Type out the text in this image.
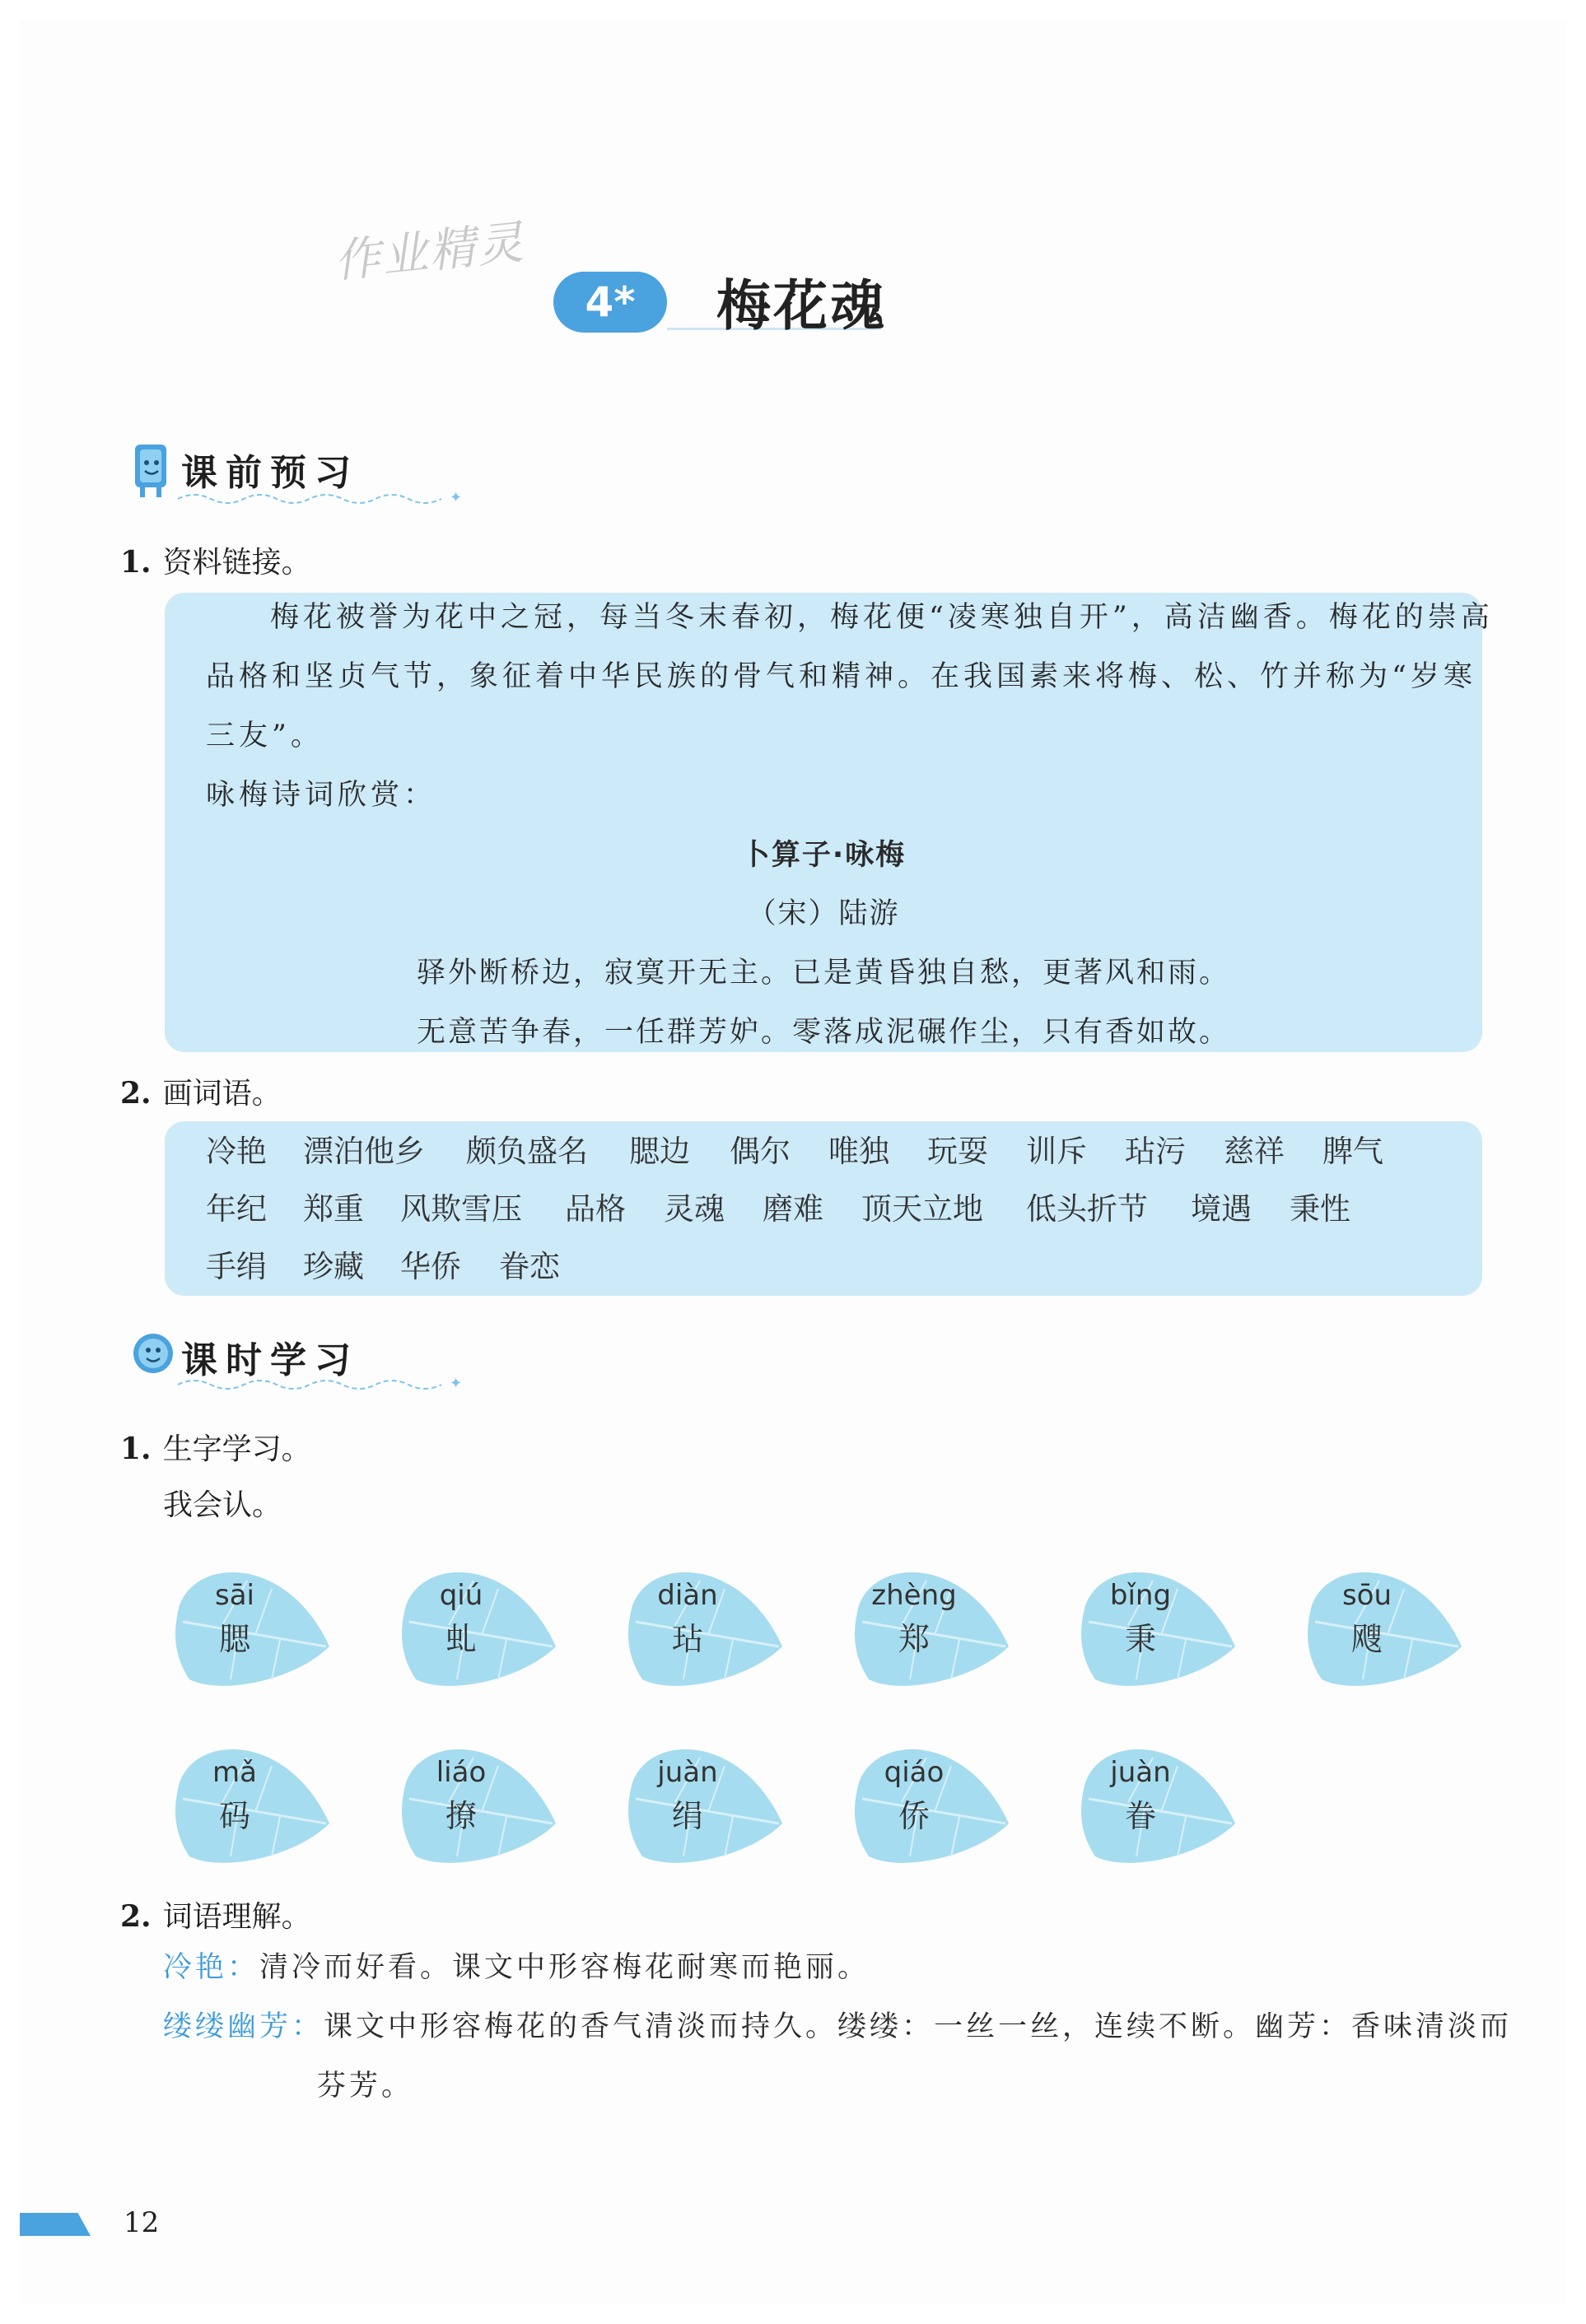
作业精灵
4*	梅花魂
课前预习
✦
1. 资料链接。
梅花被誉为花中之冠，每当冬末春初，梅花便“凌寒独自开”，高洁幽香。梅花的崇高
品格和坚贞气节，象征着中华民族的骨气和精神。在我国素来将梅、松、竹并称为“岁寒
三友”。
咏梅诗词欣赏：
卜算子·咏梅
（宋）陆游
驿外断桥边，寂寞开无主。已是黄昏独自愁，更著风和雨。
无意苦争春，一任群芳妒。零落成泥碾作尘，只有香如故。
2. 画词语。
冷艳 漂泊他乡 颇负盛名 腮边 偶尔 唯独 玩耍 训斥 玷污 慈祥 脾气
年纪 郑重 风欺雪压 品格 灵魂 磨难 顶天立地 低头折节 境遇 秉性
手绢 珍藏 华侨 眷恋
课时学习
✦
1. 生字学习。
我会认。
sāi
腮
qiú
虬
diàn
玷
zhèng
郑
bǐng
秉
sōu
飕
mǎ
码
liáo
撩
juàn
绢
qiáo
侨
juàn
眷
2. 词语理解。
冷艳：清冷而好看。课文中形容梅花耐寒而艳丽。
缕缕幽芳：课文中形容梅花的香气清淡而持久。缕缕：一丝一丝，连续不断。幽芳：香味清淡而
芬芳。
12
